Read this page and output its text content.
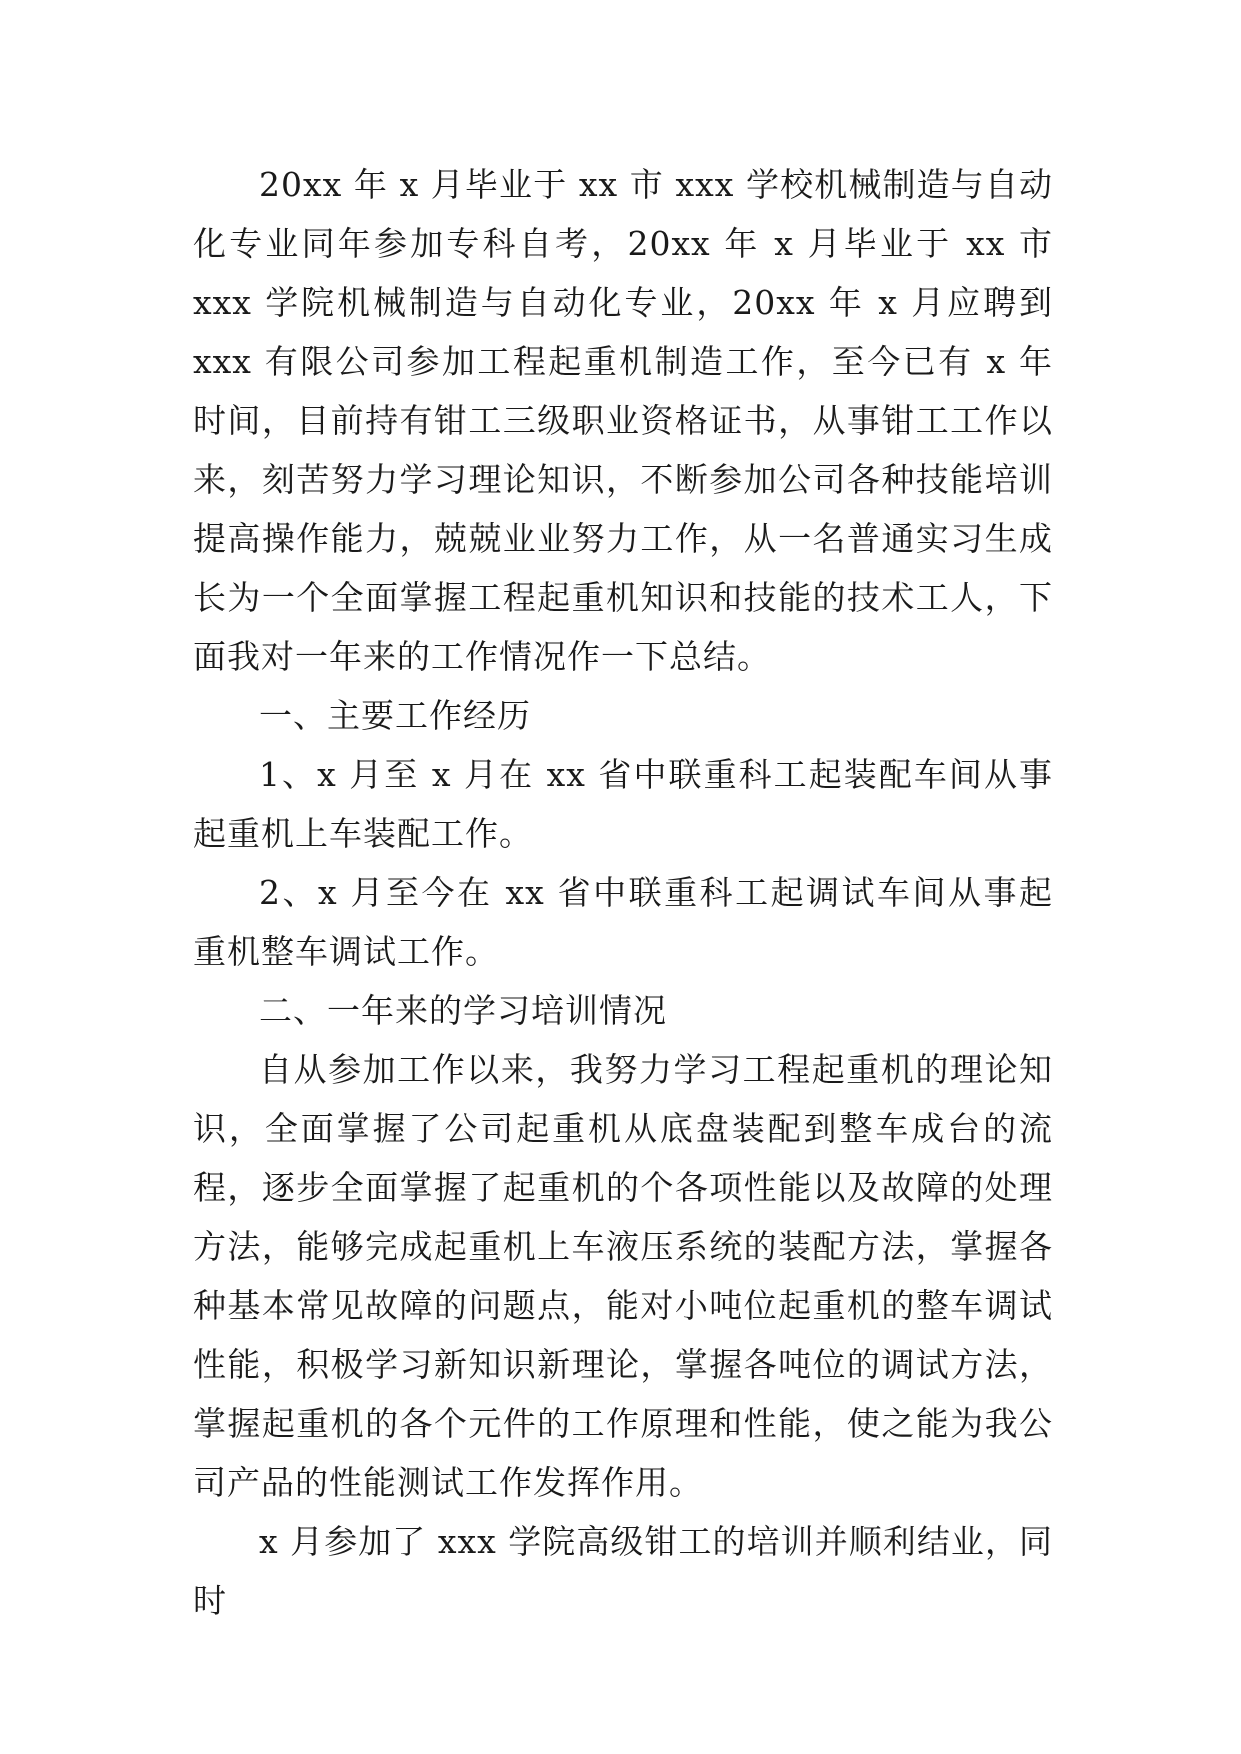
20xx 年 x 月毕业于 xx 市 xxx 学校机械制造与自动化专业同年参加专科自考，20xx 年 x 月毕业于 xx 市 xxx 学院机械制造与自动化专业，20xx 年 x 月应聘到 xxx 有限公司参加工程起重机制造工作，至今已有 x 年时间，目前持有钳工三级职业资格证书，从事钳工工作以来，刻苦努力学习理论知识，不断参加公司各种技能培训提高操作能力，兢兢业业努力工作，从一名普通实习生成长为一个全面掌握工程起重机知识和技能的技术工人，下面我对一年来的工作情况作一下总结。

一、主要工作经历

1、x 月至 x 月在 xx 省中联重科工起装配车间从事起重机上车装配工作。

2、x 月至今在 xx 省中联重科工起调试车间从事起重机整车调试工作。

二、一年来的学习培训情况

自从参加工作以来，我努力学习工程起重机的理论知识，全面掌握了公司起重机从底盘装配到整车成台的流程，逐步全面掌握了起重机的个各项性能以及故障的处理方法，能够完成起重机上车液压系统的装配方法，掌握各种基本常见故障的问题点，能对小吨位起重机的整车调试性能，积极学习新知识新理论，掌握各吨位的调试方法，掌握起重机的各个元件的工作原理和性能，使之能为我公司产品的性能测试工作发挥作用。

x 月参加了 xxx 学院高级钳工的培训并顺利结业，同时
